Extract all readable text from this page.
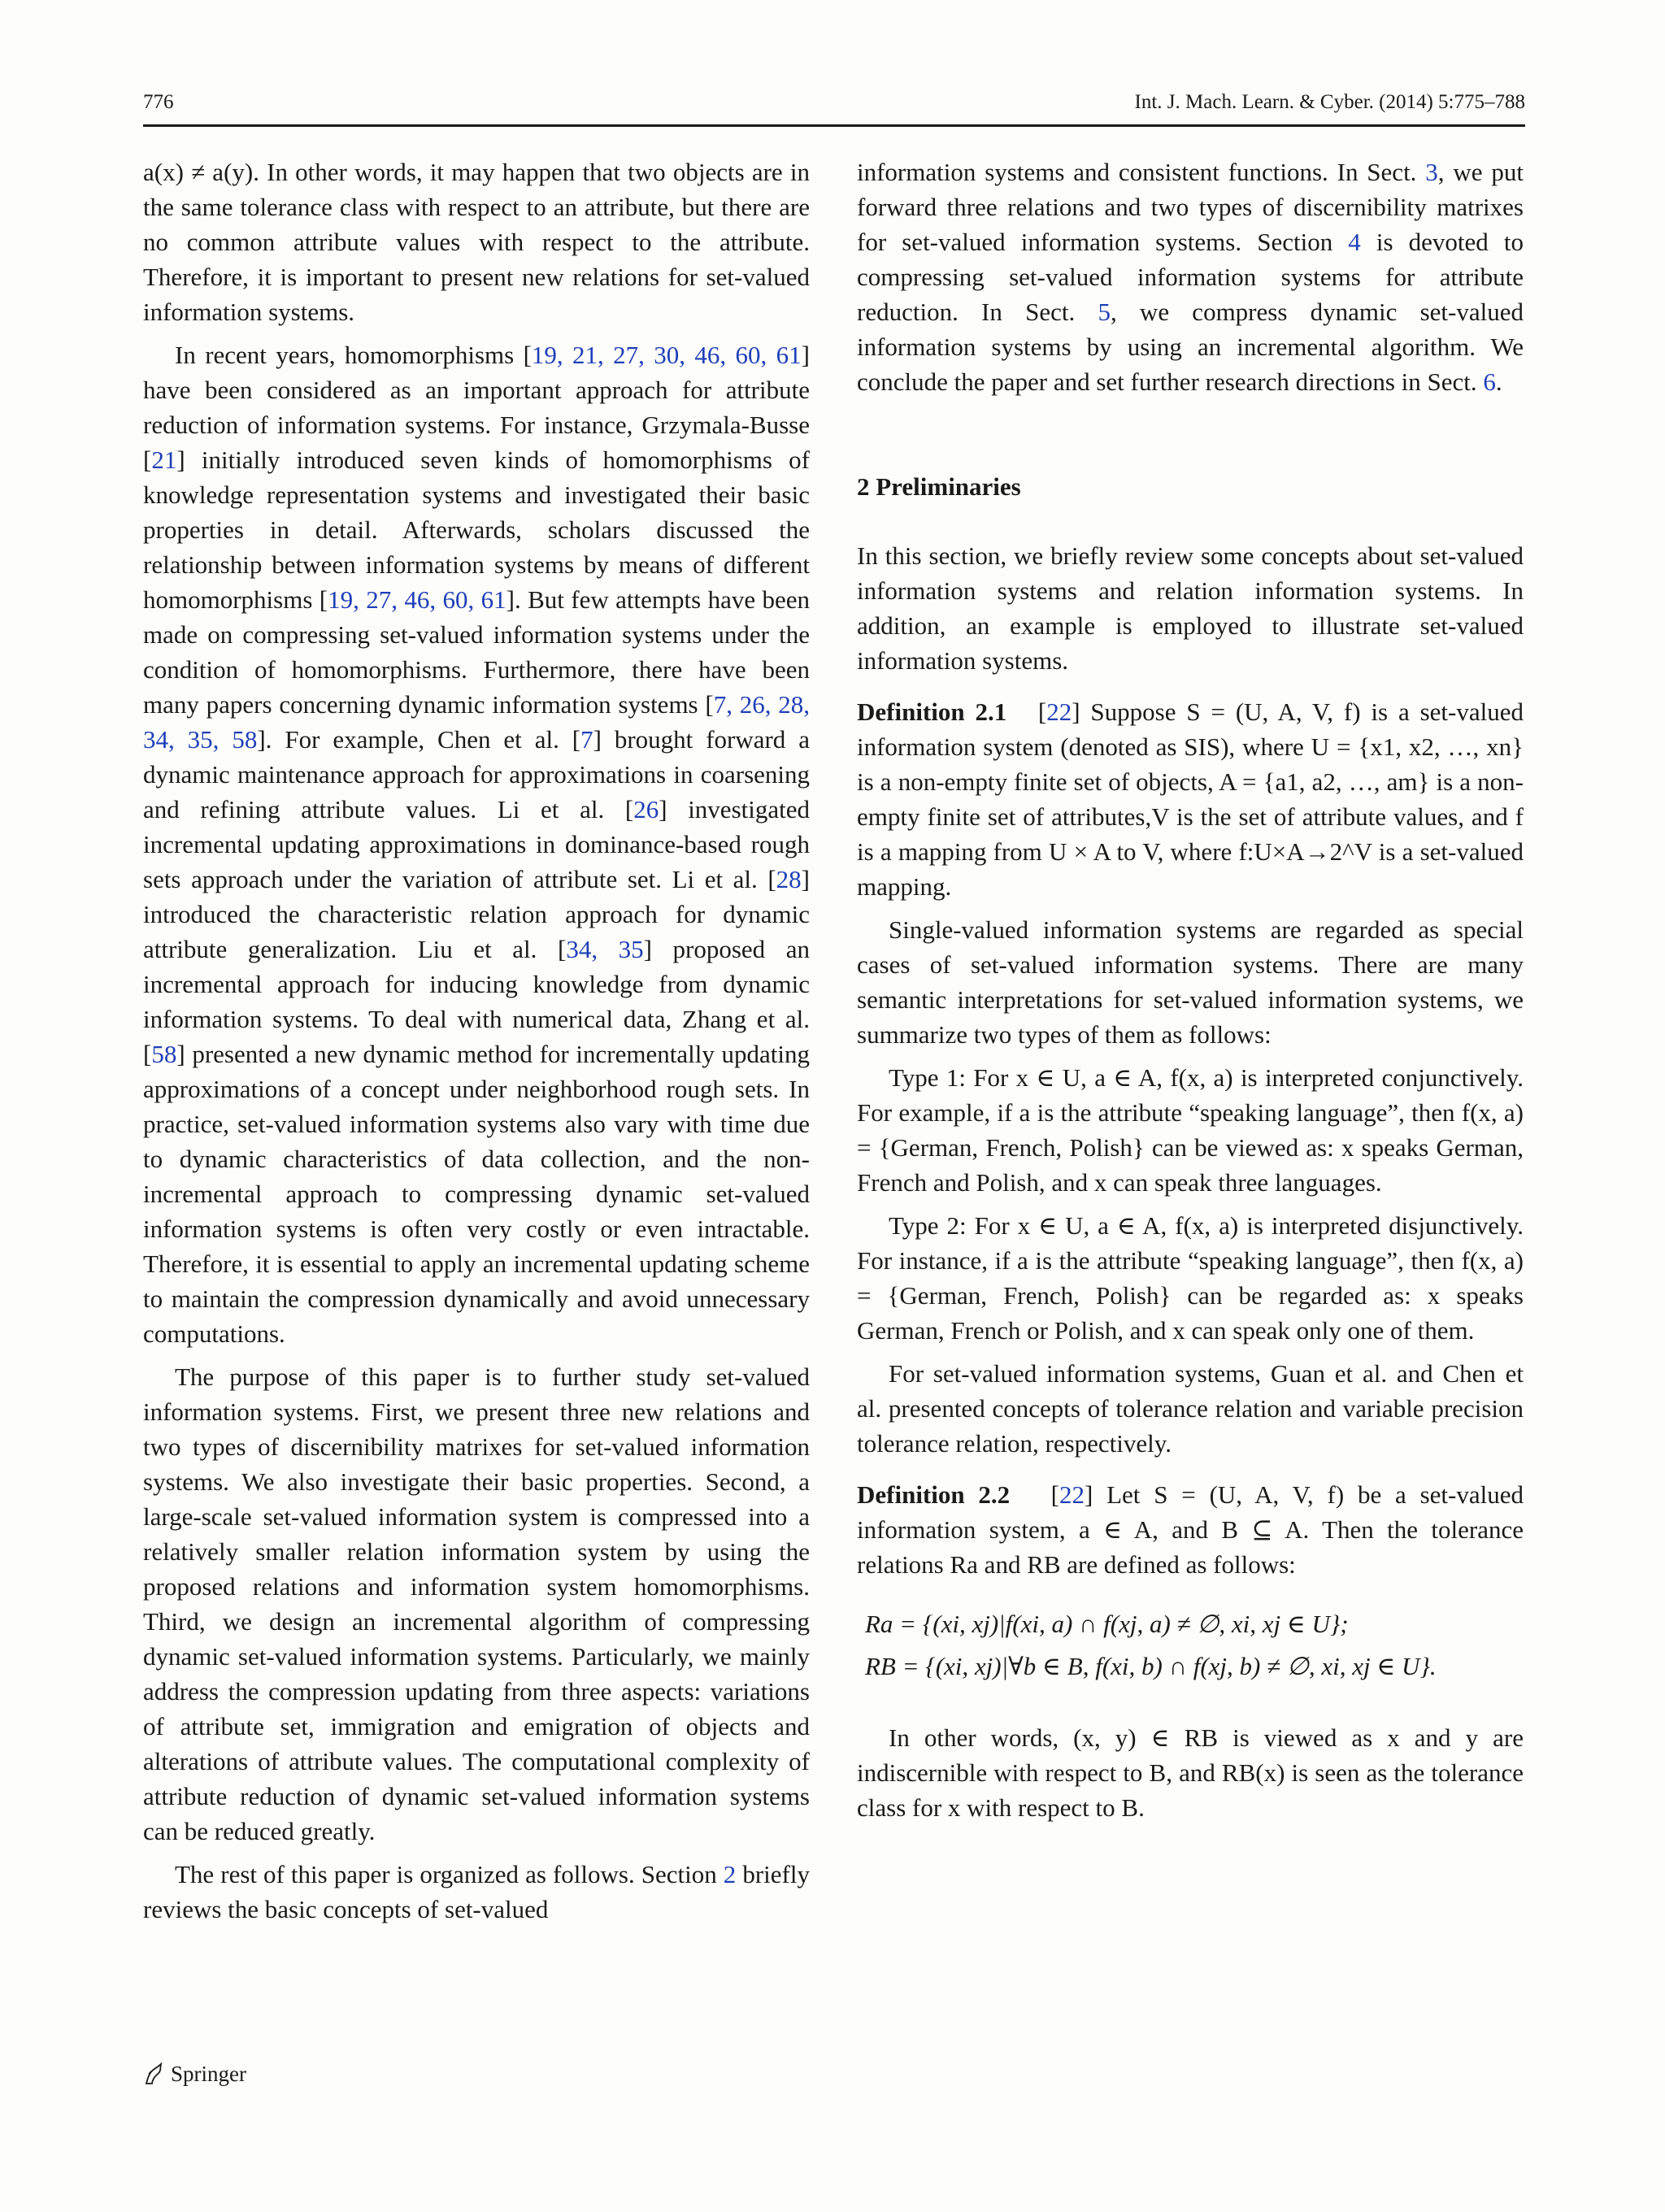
776	Int. J. Mach. Learn. & Cyber. (2014) 5:775–788

a(x) ≠ a(y). In other words, it may happen that two objects are in the same tolerance class with respect to an attribute, but there are no common attribute values with respect to the attribute. Therefore, it is important to present new relations for set-valued information systems.

In recent years, homomorphisms [19, 21, 27, 30, 46, 60, 61] have been considered as an important approach for attribute reduction of information systems. For instance, Grzymala-Busse [21] initially introduced seven kinds of homomorphisms of knowledge representation systems and investigated their basic properties in detail. Afterwards, scholars discussed the relationship between information systems by means of different homomorphisms [19, 27, 46, 60, 61]. But few attempts have been made on compressing set-valued information systems under the condition of homomorphisms. Furthermore, there have been many papers concerning dynamic information systems [7, 26, 28, 34, 35, 58]. For example, Chen et al. [7] brought forward a dynamic maintenance approach for approximations in coarsening and refining attribute values. Li et al. [26] investigated incremental updating approximations in dominance-based rough sets approach under the variation of attribute set. Li et al. [28] introduced the characteristic relation approach for dynamic attribute generalization. Liu et al. [34, 35] proposed an incremental approach for inducing knowledge from dynamic information systems. To deal with numerical data, Zhang et al. [58] presented a new dynamic method for incrementally updating approximations of a concept under neighborhood rough sets. In practice, set-valued information systems also vary with time due to dynamic characteristics of data collection, and the non-incremental approach to compressing dynamic set-valued information systems is often very costly or even intractable. Therefore, it is essential to apply an incremental updating scheme to maintain the compression dynamically and avoid unnecessary computations.

The purpose of this paper is to further study set-valued information systems. First, we present three new relations and two types of discernibility matrixes for set-valued information systems. We also investigate their basic properties. Second, a large-scale set-valued information system is compressed into a relatively smaller relation information system by using the proposed relations and information system homomorphisms. Third, we design an incremental algorithm of compressing dynamic set-valued information systems. Particularly, we mainly address the compression updating from three aspects: variations of attribute set, immigration and emigration of objects and alterations of attribute values. The computational complexity of attribute reduction of dynamic set-valued information systems can be reduced greatly.

The rest of this paper is organized as follows. Section 2 briefly reviews the basic concepts of set-valued

information systems and consistent functions. In Sect. 3, we put forward three relations and two types of discernibility matrixes for set-valued information systems. Section 4 is devoted to compressing set-valued information systems for attribute reduction. In Sect. 5, we compress dynamic set-valued information systems by using an incremental algorithm. We conclude the paper and set further research directions in Sect. 6.

2 Preliminaries

In this section, we briefly review some concepts about set-valued information systems and relation information systems. In addition, an example is employed to illustrate set-valued information systems.

Definition 2.1   [22] Suppose S = (U, A, V, f) is a set-valued information system (denoted as SIS), where U = {x1, x2, …, xn} is a non-empty finite set of objects, A = {a1, a2, …, am} is a non-empty finite set of attributes,V is the set of attribute values, and f is a mapping from U × A to V, where f:U×A→2^V is a set-valued mapping.

Single-valued information systems are regarded as special cases of set-valued information systems. There are many semantic interpretations for set-valued information systems, we summarize two types of them as follows:

Type 1: For x ∈ U, a ∈ A, f(x, a) is interpreted conjunctively. For example, if a is the attribute “speaking language”, then f(x, a) = {German, French, Polish} can be viewed as: x speaks German, French and Polish, and x can speak three languages.

Type 2: For x ∈ U, a ∈ A, f(x, a) is interpreted disjunctively. For instance, if a is the attribute “speaking language”, then f(x, a) = {German, French, Polish} can be regarded as: x speaks German, French or Polish, and x can speak only one of them.

For set-valued information systems, Guan et al. and Chen et al. presented concepts of tolerance relation and variable precision tolerance relation, respectively.

Definition 2.2   [22] Let S = (U, A, V, f) be a set-valued information system, a ∈ A, and B ⊆ A. Then the tolerance relations Ra and RB are defined as follows:

Ra = {(xi, xj)|f(xi, a) ∩ f(xj, a) ≠ ∅, xi, xj ∈ U};
RB = {(xi, xj)|∀b ∈ B, f(xi, b) ∩ f(xj, b) ≠ ∅, xi, xj ∈ U}.

In other words, (x, y) ∈ RB is viewed as x and y are indiscernible with respect to B, and RB(x) is seen as the tolerance class for x with respect to B.

Springer
